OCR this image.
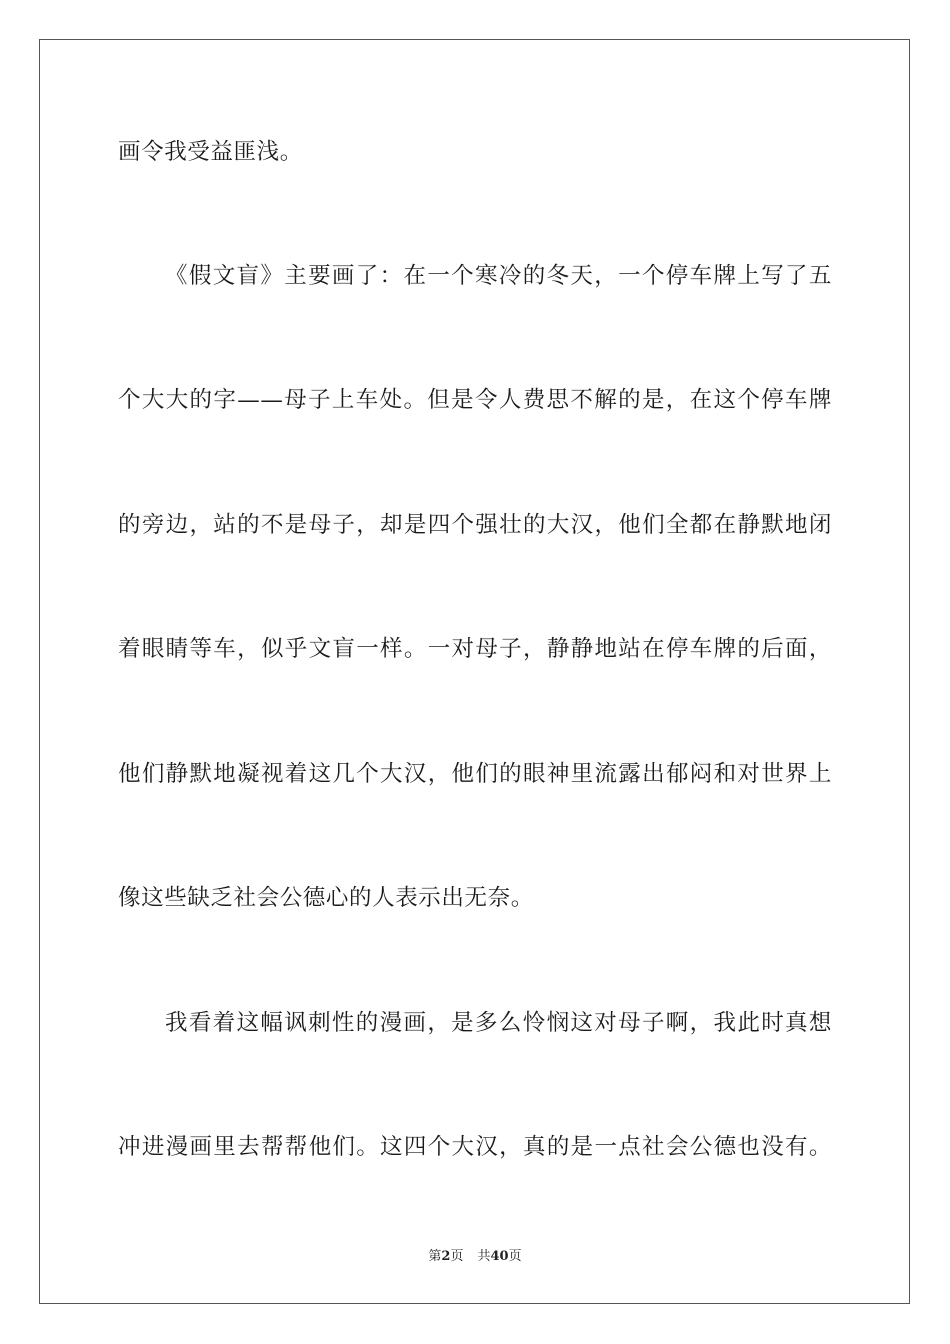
画令我受益匪浅。
《假文盲》主要画了：在一个寒冷的冬天，一个停车牌上写了五
个大大的字——母子上车处。但是令人费思不解的是，在这个停车牌
的旁边，站的不是母子，却是四个强壮的大汉，他们全都在静默地闭
着眼睛等车，似乎文盲一样。一对母子，静静地站在停车牌的后面，
他们静默地凝视着这几个大汉，他们的眼神里流露出郁闷和对世界上
像这些缺乏社会公德心的人表示出无奈。
我看着这幅讽刺性的漫画，是多么怜悯这对母子啊，我此时真想
冲进漫画里去帮帮他们。这四个大汉，真的是一点社会公德也没有。
第2页 共40页
